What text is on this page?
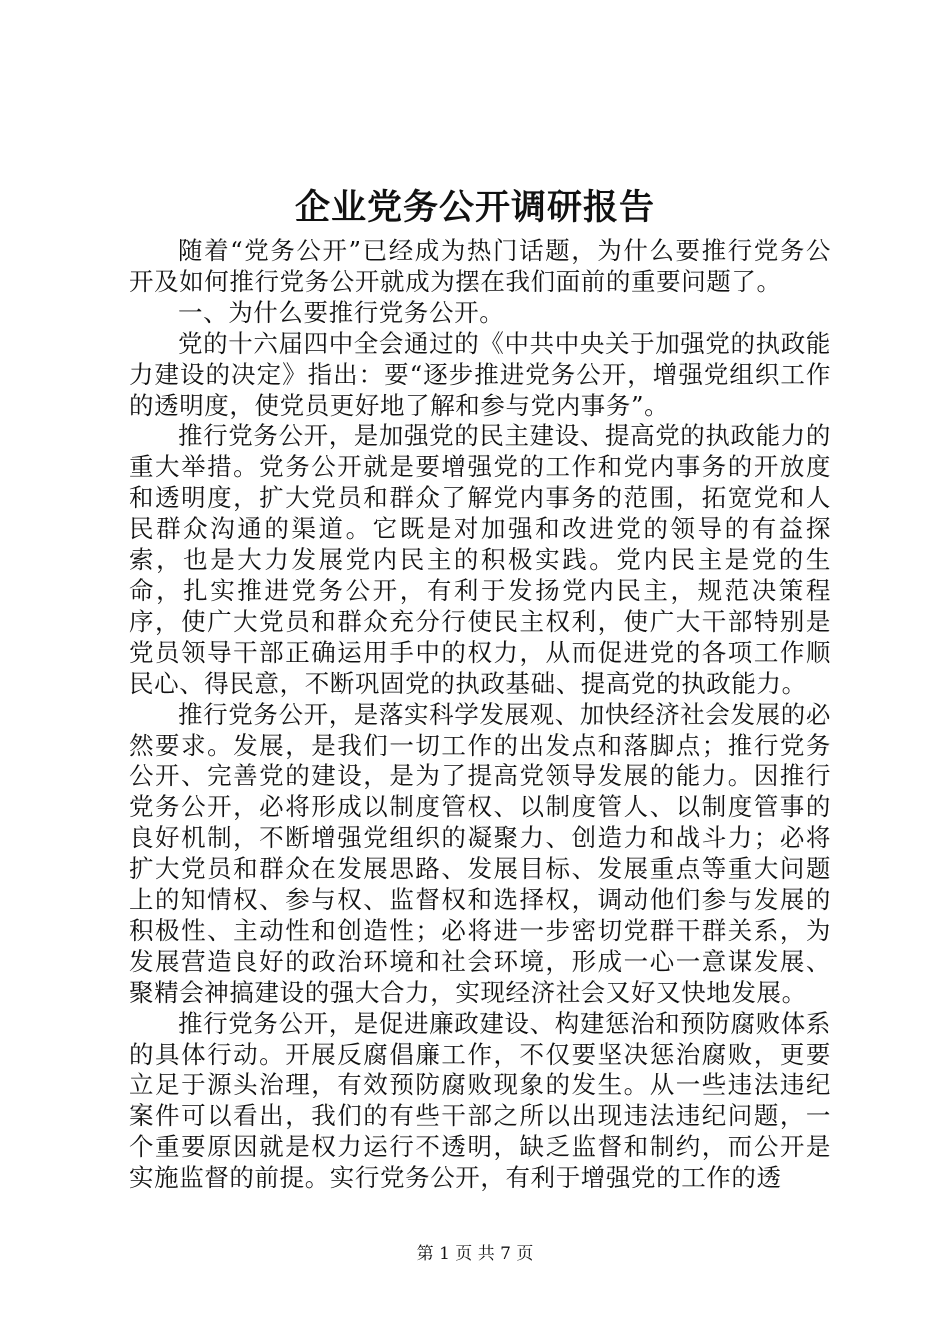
企业党务公开调研报告

随着“党务公开”已经成为热门话题，为什么要推行党务公开及如何推行党务公开就成为摆在我们面前的重要问题了。

一、为什么要推行党务公开。

党的十六届四中全会通过的《中共中央关于加强党的执政能力建设的决定》指出：要“逐步推进党务公开，增强党组织工作的透明度，使党员更好地了解和参与党内事务”。

推行党务公开，是加强党的民主建设、提高党的执政能力的重大举措。党务公开就是要增强党的工作和党内事务的开放度和透明度，扩大党员和群众了解党内事务的范围，拓宽党和人民群众沟通的渠道。它既是对加强和改进党的领导的有益探索，也是大力发展党内民主的积极实践。党内民主是党的生命，扎实推进党务公开，有利于发扬党内民主，规范决策程序，使广大党员和群众充分行使民主权利，使广大干部特别是党员领导干部正确运用手中的权力，从而促进党的各项工作顺民心、得民意，不断巩固党的执政基础、提高党的执政能力。

推行党务公开，是落实科学发展观、加快经济社会发展的必然要求。发展，是我们一切工作的出发点和落脚点；推行党务公开、完善党的建设，是为了提高党领导发展的能力。因推行党务公开，必将形成以制度管权、以制度管人、以制度管事的良好机制，不断增强党组织的凝聚力、创造力和战斗力；必将扩大党员和群众在发展思路、发展目标、发展重点等重大问题上的知情权、参与权、监督权和选择权，调动他们参与发展的积极性、主动性和创造性；必将进一步密切党群干群关系，为发展营造良好的政治环境和社会环境，形成一心一意谋发展、聚精会神搞建设的强大合力，实现经济社会又好又快地发展。

推行党务公开，是促进廉政建设、构建惩治和预防腐败体系的具体行动。开展反腐倡廉工作，不仅要坚决惩治腐败，更要立足于源头治理，有效预防腐败现象的发生。从一些违法违纪案件可以看出，我们的有些干部之所以出现违法违纪问题，一个重要原因就是权力运行不透明，缺乏监督和制约，而公开是实施监督的前提。实行党务公开，有利于增强党的工作的透

第 1 页 共 7 页
